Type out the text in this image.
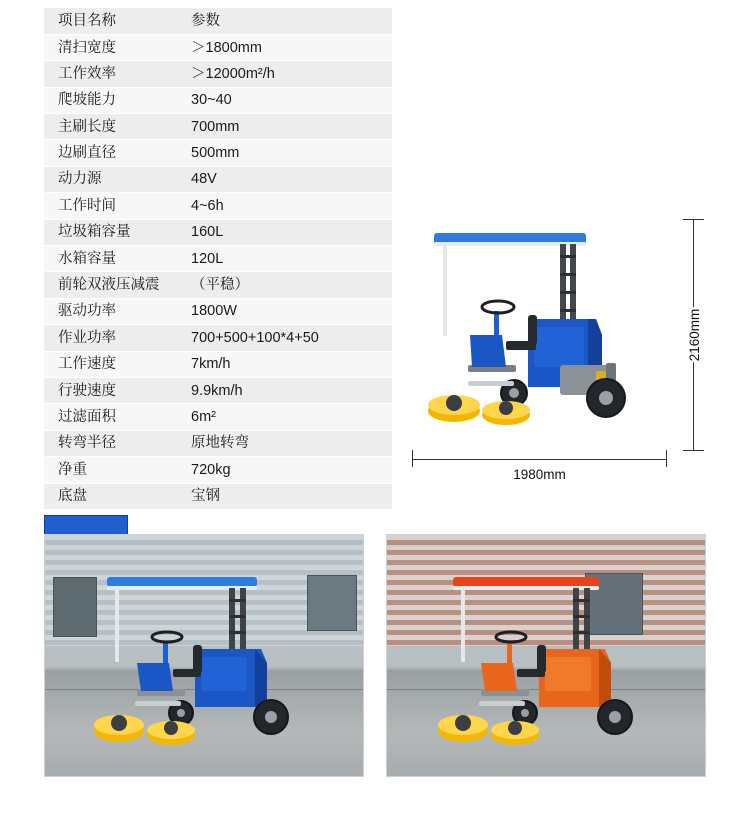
项目名称	参数
清扫宽度	＞1800mm
工作效率	＞12000m²/h
爬坡能力	30~40
主刷长度	700mm
边刷直径	500mm
动力源	48V
工作时间	4~6h
垃圾箱容量	160L
水箱容量	120L
前轮双液压减震	（平稳）
驱动功率	1800W
作业功率	700+500+100*4+50
工作速度	7km/h
行驶速度	9.9km/h
过滤面积	6m²
转弯半径	原地转弯
净重	720kg
底盘	宝钢
2160mm
1980mm
